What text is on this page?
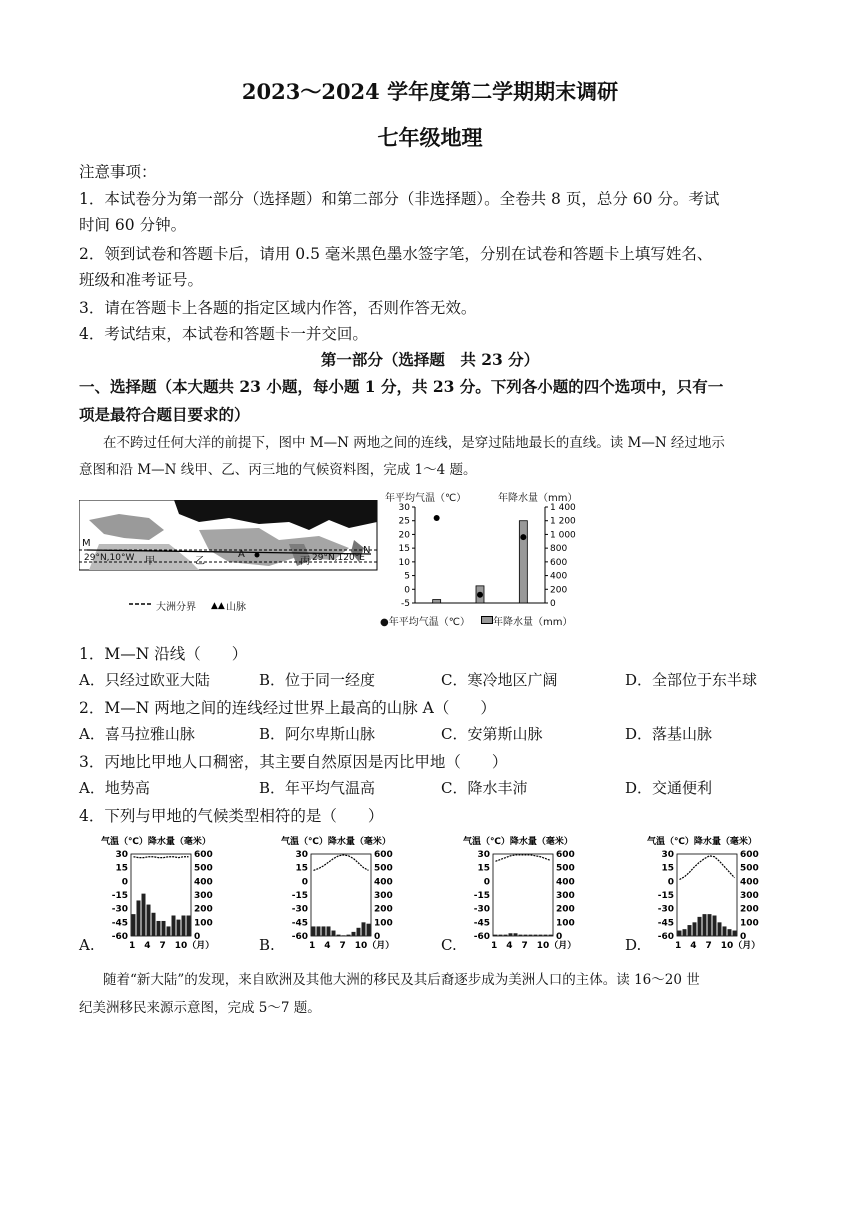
2023～2024 学年度第二学期期末调研
七年级地理
注意事项：
1．本试卷分为第一部分（选择题）和第二部分（非选择题）。全卷共 8 页，总分 60 分。考试
时间 60 分钟。
2．领到试卷和答题卡后，请用 0.5 毫米黑色墨水签字笔，分别在试卷和答题卡上填写姓名、
班级和准考证号。
3．请在答题卡上各题的指定区域内作答，否则作答无效。
4．考试结束，本试卷和答题卡一并交回。
第一部分（选择题　共 23 分）
一、选择题（本大题共 23 小题，每小题 1 分，共 23 分。下列各小题的四个选项中，只有一
项是最符合题目要求的）
在不跨过任何大洋的前提下，图中 M—N 两地之间的连线，是穿过陆地最长的直线。读 M—N 经过地示
意图和沿 M—N 线甲、乙、丙三地的气候资料图，完成 1～4 题。
▲▲
M
N
A
甲	乙	丙
29°N,10°W	29°N,120°E
大洲分界	山脉
年平均气温（℃）	年降水量（mm）
30
25
20
15
10
5
0
-5
1 400
1 200
1 000
800
600
400
200
0
●年平均气温（℃） 年降水量（mm）
1．M—N 沿线（　　）
A．只经过欧亚大陆	B．位于同一经度	C．寒冷地区广阔	D．全部位于东半球
2．M—N 两地之间的连线经过世界上最高的山脉 A（　　）
A．喜马拉雅山脉	B．阿尔卑斯山脉	C．安第斯山脉	D．落基山脉
3．丙地比甲地人口稠密，其主要自然原因是丙比甲地（　　）
A．地势高	B．年平均气温高	C．降水丰沛	D．交通便利
4．下列与甲地的气候类型相符的是（　　）
气温（℃）降水量（毫米）
30
15
0
-15
-30
-45
-60
600
500
400
300
200
100
0
1　4　7　10（月）
气温（℃）降水量（毫米）
30
15
0
-15
-30
-45
-60
600
500
400
300
200
100
0
1　4　7　10（月）
气温（℃）降水量（毫米）
30
15
0
-15
-30
-45
-60
600
500
400
300
200
100
0
1　4　7　10（月）
气温（℃）降水量（毫米）
30
15
0
-15
-30
-45
-60
600
500
400
300
200
100
0
1　4　7　10（月）
A.	B.	C.	D.
随着“新大陆”的发现，来自欧洲及其他大洲的移民及其后裔逐步成为美洲人口的主体。读 16～20 世
纪美洲移民来源示意图，完成 5～7 题。
